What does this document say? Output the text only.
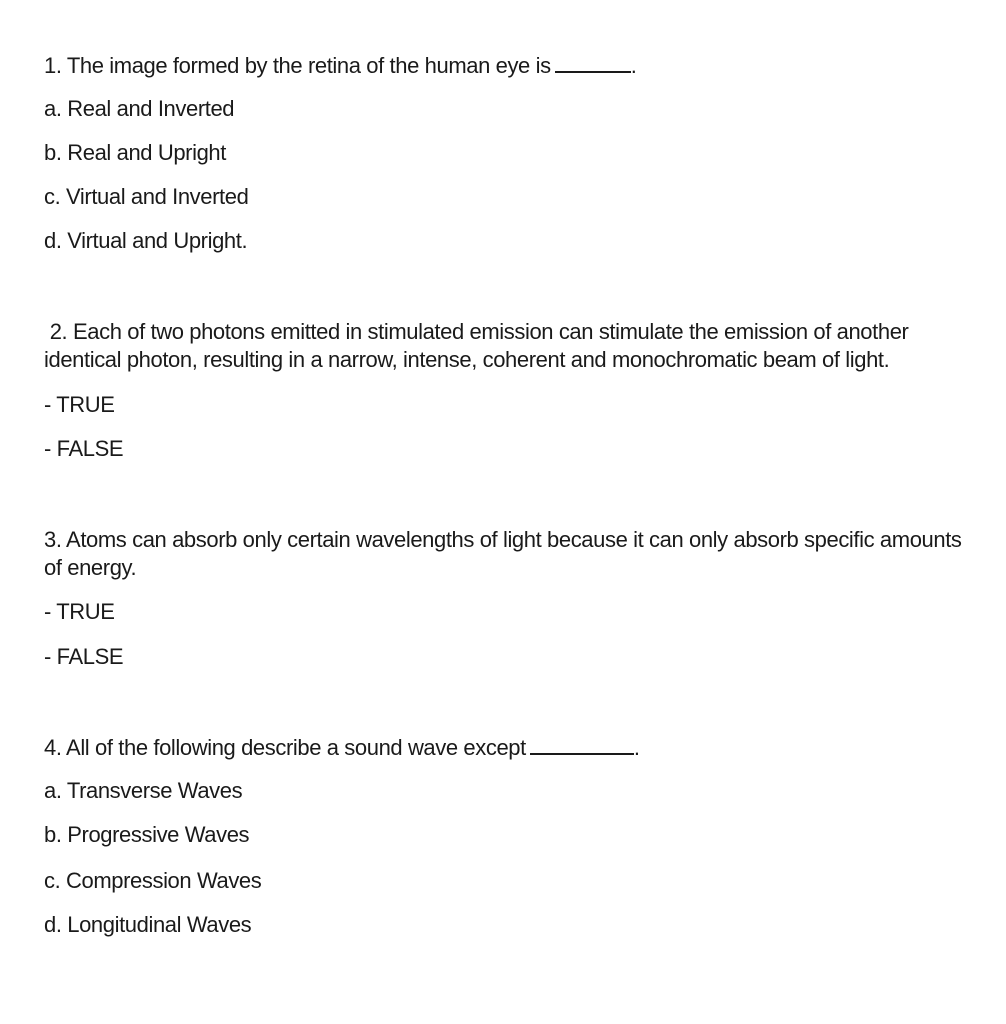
1. The image formed by the retina of the human eye is	.
a. Real and Inverted
b. Real and Upright
c. Virtual and Inverted
d. Virtual and Upright.
2. Each of two photons emitted in stimulated emission can stimulate the emission of another identical photon, resulting in a narrow, intense, coherent and monochromatic beam of light.
- TRUE
- FALSE
3. Atoms can absorb only certain wavelengths of light because it can only absorb specific amounts of energy.
- TRUE
- FALSE
4. All of the following describe a sound wave except	.
a. Transverse Waves
b. Progressive Waves
c. Compression Waves
d. Longitudinal Waves
